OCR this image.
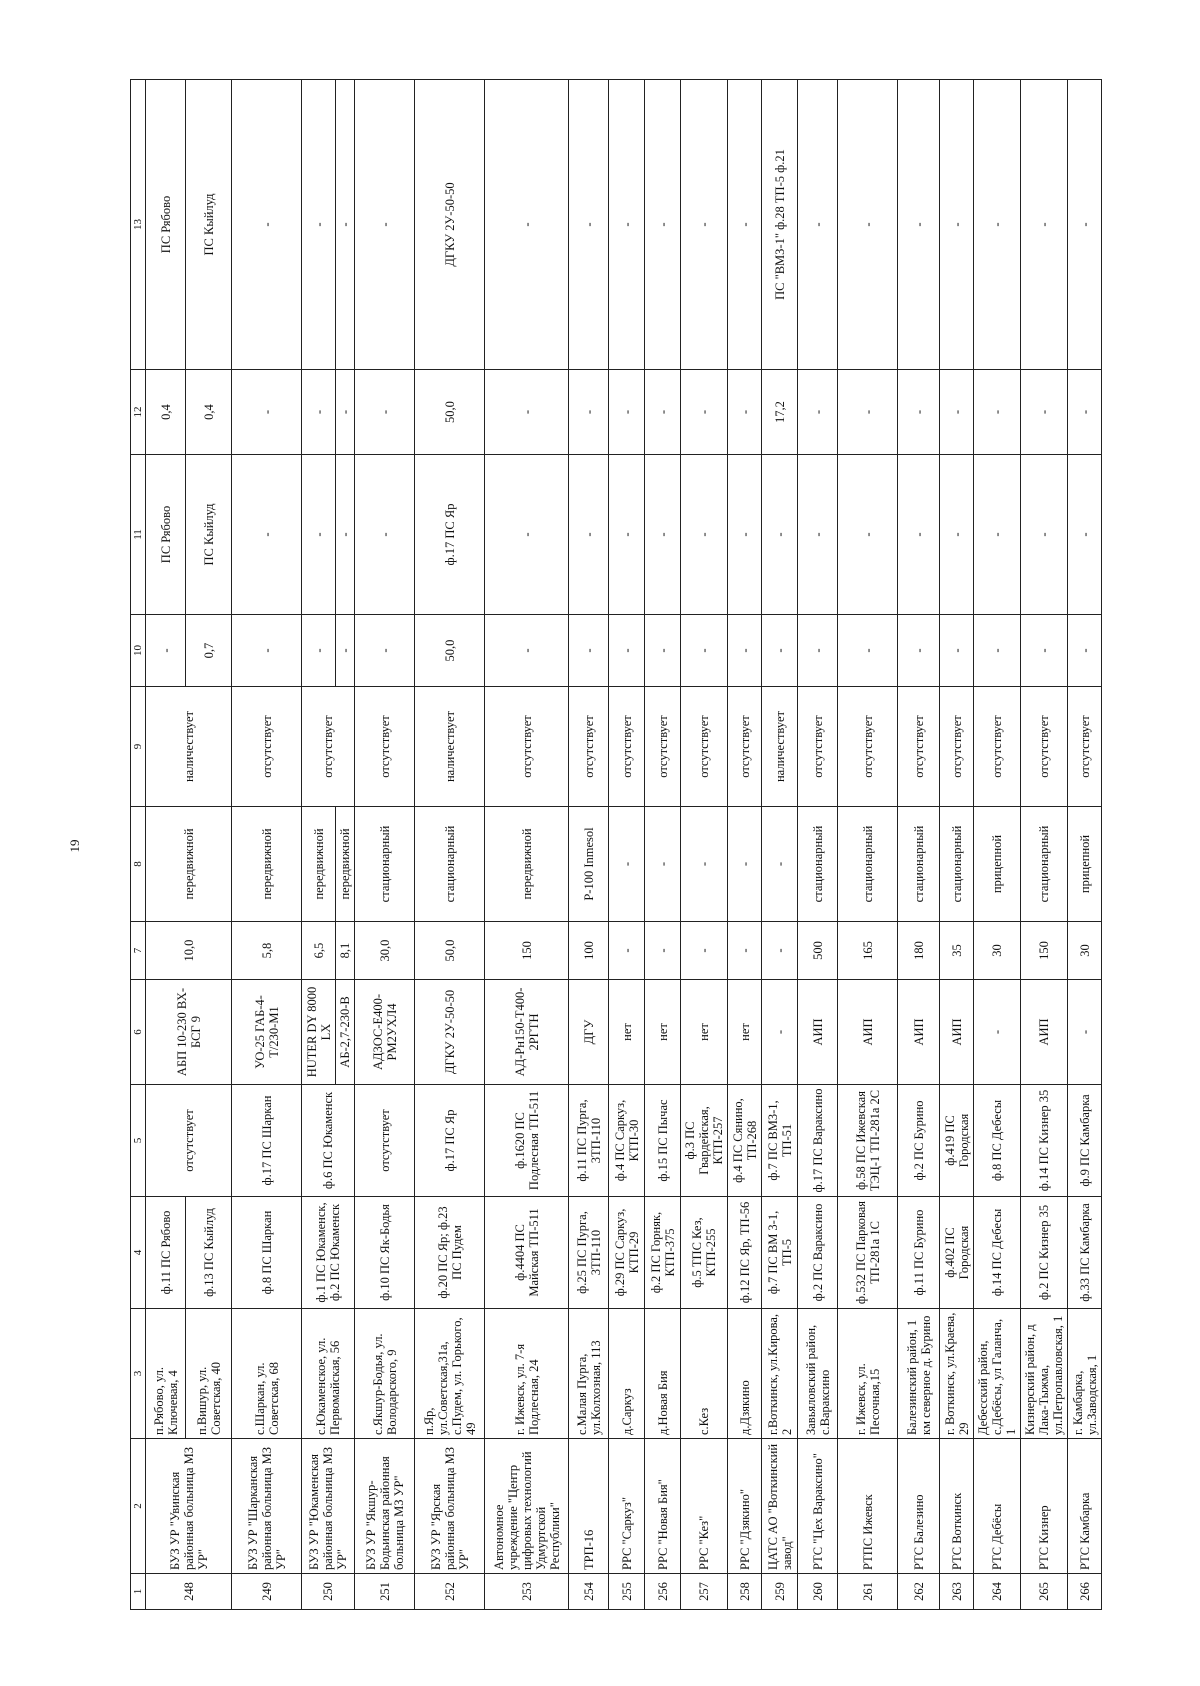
19
1	2	3	4	5	6	7	8	9	10	11	12	13
248	БУЗ УР "Увинская районная больница МЗ УР"	п.Рябово, ул. Ключевая, 4	ф.11 ПС Рябово	отсутствует	АБП 10-230 ВХ-БСГ 9	10,0	передвижной	наличествует	-	ПС Рябово	0,4	ПС Рябово
		п.Вишур, ул. Советская, 40	ф.13 ПС Кыйлуд						0,7	ПС Кыйлуд	0,4	ПС Кыйлуд
249	БУЗ УР "Шарканская районная больница МЗ УР"	с.Шаркан, ул. Советская, 68	ф.8 ПС Шаркан	ф.17 ПС Шаркан	УО-25 ГАБ-4-Т/230-М1	5,8	передвижной	отсутствует	-	-	-	-
250	БУЗ УР "Юкаменская районная больница МЗ УР"	с.Юкаменское, ул. Первомайская, 56	ф.1 ПС Юкаменск, ф.2 ПС Юкаменск	ф.6 ПС Юкаменск	HUTER DY 8000 LX	6,5	передвижной	отсутствует	-	-	-	-
					АБ-2,7-230-В	8,1	передвижной		-	-	-	-
251	БУЗ УР "Якшур-Бодьинская районная больница МЗ УР"	с.Якшур-Бодья, ул. Володарского, 9	ф.10 ПС Як-Бодья	отсутствует	АД3ОС-Е400-РМ2УХЛ4	30,0	стационарный	отсутствует	-	-	-	-
252	БУЗ УР "Ярская районная больница МЗ УР"	п.Яр, ул.Советская,31а, с.Пудем, ул. Горького, 49	ф.20 ПС Яр; ф.23 ПС Пудем	ф.17 ПС Яр	ДГКУ 2У-50-50	50,0	стационарный	наличествует	50,0	ф.17 ПС Яр	50,0	ДГКУ 2У-50-50
253	Автономное учреждение "Центр цифровых технологий Удмуртской Республики"	г. Ижевск, ул. 7-я Подлесная, 24	ф.4404 ПС Майская ТП-511	ф.1620 ПС Подлесная ТП-511	АД-Рн150-Т400-2РГТН	150	передвижной	отсутствует	-	-	-	-
254	ТРП-16	с.Малая Пурга, ул.Колхозная, 113	ф.25 ПС Пурга, 3ТП-110	ф.11 ПС Пурга, 3ТП-110	ДГУ	100	Р-100 Inmesol	отсутствует	-	-	-	-
255	РРС "Саркуз"	д.Саркуз	ф.29 ПС Саркуз, КТП-29	ф.4 ПС Саркуз, КТП-30	нет	-	-	отсутствует	-	-	-	-
256	РРС "Новая Бия"	д.Новая Бия	ф.2 ПС Горняк, КТП-375	ф.15 ПС Пычас	нет	-	-	отсутствует	-	-	-	-
257	РРС "Кез"	с.Кез	ф.5 ТПС Кез, КТП-255	ф.3 ПС Гвардейская, КТП-257	нет	-	-	отсутствует	-	-	-	-
258	РРС "Дзякино"	д.Дзякино	ф.12 ПС Яр, ТП-56	ф.4 ПС Сянино, ТП-268	нет	-	-	отсутствует	-	-	-	-
259	ЦАТС АО "Воткинский завод"	г.Воткинск, ул.Кирова, 2	ф.7 ПС ВМ 3-1, ТП-5	ф.7 ПС ВМ3-1, ТП-51	-	-	-	наличествует	-	-	17,2	ПС "ВМЗ-1" ф.28 ТП-5 ф.21
260	РТС "Цех Вараксино"	Завьяловский район, с.Вараксино	ф.2 ПС Вараксино	ф.17 ПС Вараксино	АИП	500	стационарный	отсутствует	-	-	-	-
261	РТПС Ижевск	г. Ижевск, ул. Песочная,15	ф.532 ПС Парковая ТП-281а 1С	ф.58 ПС Ижевская ТЭЦ-1 ТП-281а 2С	АИП	165	стационарный	отсутствует	-	-	-	-
262	РТС Балезино	Балезинский район, 1 км северное д. Бурино	ф.11 ПС Бурино	ф.2 ПС Бурино	АИП	180	стационарный	отсутствует	-	-	-	-
263	РТС Воткинск	г. Воткинск, ул.Краева, 29	ф.402 ПС Городская	ф.419 ПС Городская	АИП	35	стационарный	отсутствует	-	-	-	-
264	РТС Дебёсы	Дебесский район, с.Дебёсы, ул Галанча, 1	ф.14 ПС Дебесы	ф.8 ПС Дебесы	-	30	прицепной	отсутствует	-	-	-	-
265	РТС Кизнер	Кизнерский район, д Лака-Тыжма, ул.Петропавловская, 1	ф.2 ПС Кизнер 35	ф.14 ПС Кизнер 35	АИП	150	стационарный	отсутствует	-	-	-	-
266	РТС Камбарка	г. Камбарка, ул.Заводская, 1	ф.33 ПС Камбарка	ф.9 ПС Камбарка	-	30	прицепной	отсутствует	-	-	-	-
